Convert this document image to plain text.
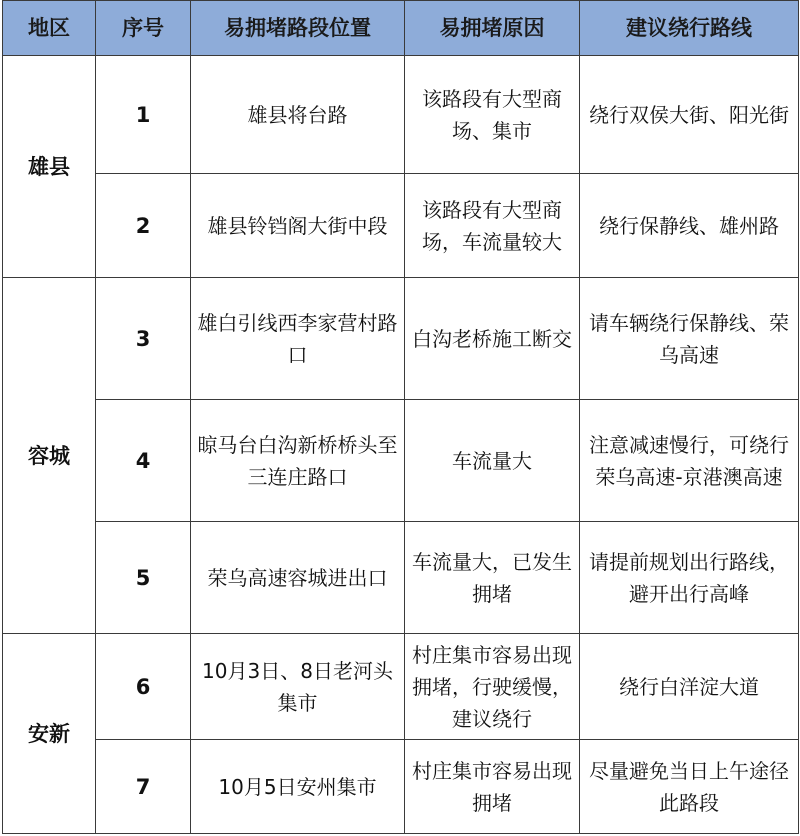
地区	序号	易拥堵路段位置	易拥堵原因	建议绕行路线
雄县	1	雄县将台路	该路段有大型商场、集市	绕行双侯大街、阳光街
	2	雄县铃铛阁大街中段	该路段有大型商场，车流量较大	绕行保静线、雄州路
容城	3	雄白引线西李家营村路口	白沟老桥施工断交	请车辆绕行保静线、荣乌高速
	4	晾马台白沟新桥桥头至三连庄路口	车流量大	注意减速慢行，可绕行荣乌高速-京港澳高速
	5	荣乌高速容城进出口	车流量大，已发生拥堵	请提前规划出行路线，避开出行高峰
安新	6	10月3日、8日老河头集市	村庄集市容易出现拥堵，行驶缓慢，建议绕行	绕行白洋淀大道
	7	10月5日安州集市	村庄集市容易出现拥堵	尽量避免当日上午途径此路段
